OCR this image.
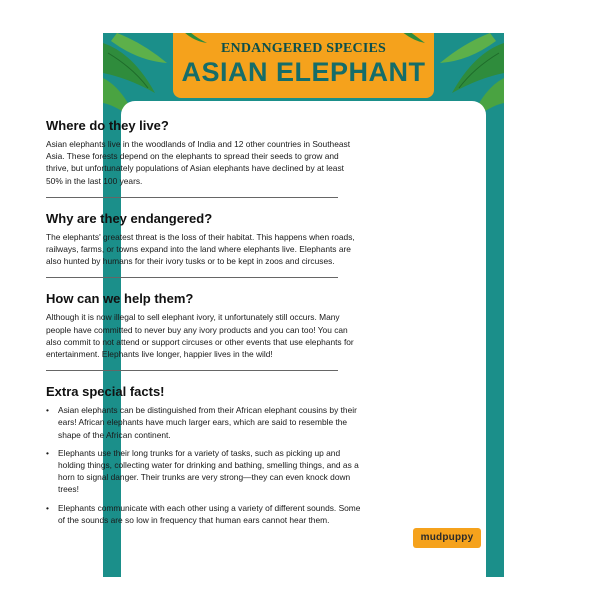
ENDANGERED SPECIES
ASIAN ELEPHANT
Where do they live?

Asian elephants live in the woodlands of India and 12 other countries in Southeast Asia. These forests depend on the elephants to spread their seeds to grow and thrive, but unfortunately populations of Asian elephants have declined by at least 50% in the last 100 years.

Why are they endangered?

The elephants' greatest threat is the loss of their habitat. This happens when roads, railways, farms, or towns expand into the land where elephants live. Elephants are also hunted by humans for their ivory tusks or to be kept in zoos and circuses.

How can we help them?

Although it is now illegal to sell elephant ivory, it unfortunately still occurs. Many people have committed to never buy any ivory products and you can too! You can also commit to not attend or support circuses or other events that use elephants for entertainment. Elephants live longer, happier lives in the wild!

Extra special facts!
• Asian elephants can be distinguished from their African elephant cousins by their ears! African elephants have much larger ears, which are said to resemble the shape of the African continent.
• Elephants use their long trunks for a variety of tasks, such as picking up and holding things, collecting water for drinking and bathing, smelling things, and as a horn to signal danger. Their trunks are very strong—they can even knock down trees!
• Elephants communicate with each other using a variety of different sounds. Some of the sounds are so low in frequency that human ears cannot hear them.
mudpuppy
